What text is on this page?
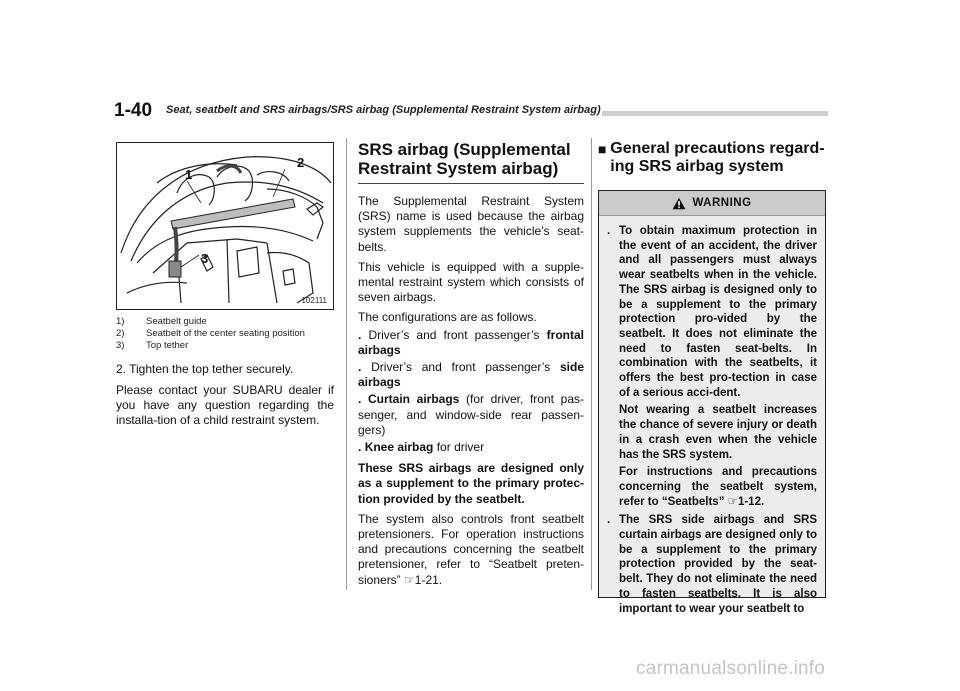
1-40 Seat, seatbelt and SRS airbags/SRS airbag (Supplemental Restraint System airbag)
1
2
3
102111
1)	Seatbelt guide
2)	Seatbelt of the center seating position
3)	Top tether
2. Tighten the top tether securely.
Please contact your SUBARU dealer if you have any question regarding the installa-tion of a child restraint system.
SRS airbag (Supplemental Restraint System airbag)

The Supplemental Restraint System (SRS) name is used because the airbag system supplements the vehicle’s seat-belts.

This vehicle is equipped with a supple-mental restraint system which consists of seven airbags.

The configurations are as follows.

. Driver’s and front passenger’s frontal airbags

. Driver’s and front passenger’s side airbags

. Curtain airbags (for driver, front pas-senger, and window-side rear passen-gers)

. Knee airbag for driver

These SRS airbags are designed only as a supplement to the primary protec-tion provided by the seatbelt.

The system also controls front seatbelt pretensioners. For operation instructions and precautions concerning the seatbelt pretensioner, refer to “Seatbelt preten-sioners” ☞1-21.

■ General precautions regard-ing SRS airbag system
WARNING
. To obtain maximum protection in the event of an accident, the driver and all passengers must always wear seatbelts when in the vehicle. The SRS airbag is designed only to be a supplement to the primary protection pro-vided by the seatbelt. It does not eliminate the need to fasten seat-belts. In combination with the seatbelts, it offers the best pro-tection in case of a serious acci-dent.
Not wearing a seatbelt increases the chance of severe injury or death in a crash even when the vehicle has the SRS system.
For instructions and precautions concerning the seatbelt system, refer to “Seatbelts” ☞1-12.
. The SRS side airbags and SRS curtain airbags are designed only to be a supplement to the primary protection provided by the seat-belt. They do not eliminate the need to fasten seatbelts. It is also important to wear your seatbelt to
carmanualsonline.info
